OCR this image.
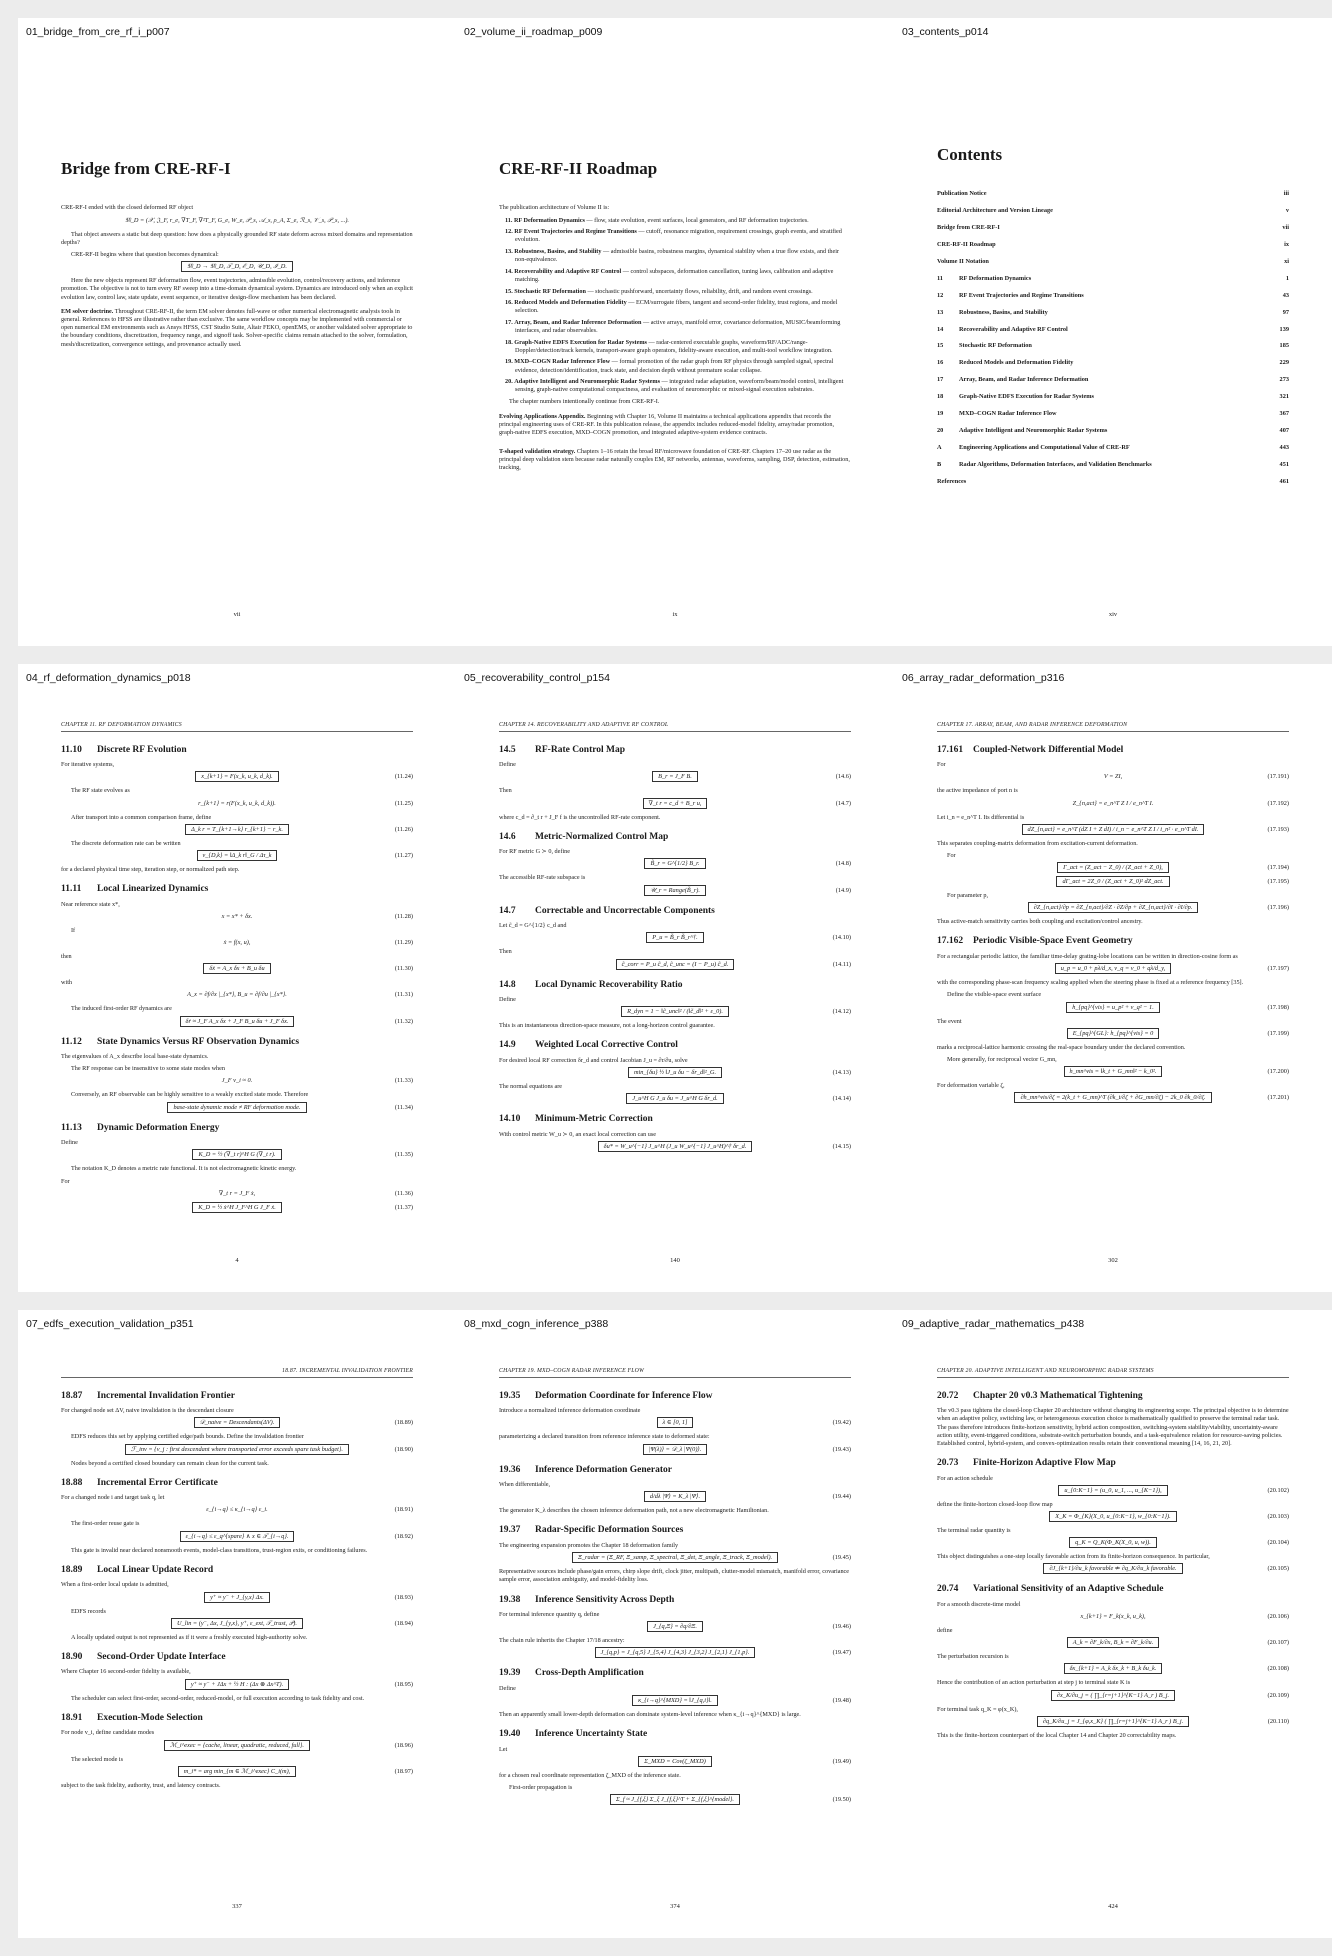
01_bridge_from_cre_rf_i_p007
Bridge from CRE-RF-I

CRE-RF-I ended with the closed deformed RF object

𝔐_D = (𝒳, 𝔍_F, r_e, ∇T_F, ∇²T_F, G_e, W_e, 𝒫_s, 𝒜_s, ρ_A, Σ_e, ℛ_s, 𝒱_s, 𝒫_s, ...).

That object answers a static but deep question: how does a physically grounded RF state deform across mixed domains and representation depths?

CRE-RF-II begins where that question becomes dynamical:

𝔐_D → 𝔐_D, 𝒯_D, ℰ_D, 𝒰_D, ℐ_D.

Here the new objects represent RF deformation flow, event trajectories, admissible evolution, control/recovery actions, and inference promotion. The objective is not to turn every RF sweep into a time-domain dynamical system. Dynamics are introduced only when an explicit evolution law, control law, state update, event sequence, or iterative design-flow mechanism has been declared.

EM solver doctrine. Throughout CRE-RF-II, the term EM solver denotes full-wave or other numerical electromagnetic analysis tools in general. References to HFSS are illustrative rather than exclusive. The same workflow concepts may be implemented with commercial or open numerical EM environments such as Ansys HFSS, CST Studio Suite, Altair FEKO, openEMS, or another validated solver appropriate to the boundary conditions, discretization, frequency range, and signoff task. Solver-specific claims remain attached to the solver, formulation, mesh/discretization, convergence settings, and provenance actually used.

vii
02_volume_ii_roadmap_p009
CRE-RF-II Roadmap

The publication architecture of Volume II is:

11. RF Deformation Dynamics — flow, state evolution, event surfaces, local generators, and RF deformation trajectories.
12. RF Event Trajectories and Regime Transitions — cutoff, resonance migration, requirement crossings, graph events, and stratified evolution.
13. Robustness, Basins, and Stability — admissible basins, robustness margins, dynamical stability when a true flow exists, and their non-equivalence.
14. Recoverability and Adaptive RF Control — control subspaces, deformation cancellation, tuning laws, calibration and adaptive matching.
15. Stochastic RF Deformation — stochastic pushforward, uncertainty flows, reliability, drift, and random event crossings.
16. Reduced Models and Deformation Fidelity — ECM/surrogate fibers, tangent and second-order fidelity, trust regions, and model selection.
17. Array, Beam, and Radar Inference Deformation — active arrays, manifold error, covariance deformation, MUSIC/beamforming interfaces, and radar observables.
18. Graph-Native EDFS Execution for Radar Systems — radar-centered executable graphs, waveform/RF/ADC/range-Doppler/detection/track kernels, transport-aware graph operators, fidelity-aware execution, and multi-tool workflow integration.
19. MXD–COGN Radar Inference Flow — formal promotion of the radar graph from RF physics through sampled signal, spectral evidence, detection/identification, track state, and decision depth without premature scalar collapse.
20. Adaptive Intelligent and Neuromorphic Radar Systems — integrated radar adaptation, waveform/beam/model control, intelligent sensing, graph-native computational compactness, and evaluation of neuromorphic or mixed-signal execution substrates.

The chapter numbers intentionally continue from CRE-RF-I.

Evolving Applications Appendix. Beginning with Chapter 16, Volume II maintains a technical applications appendix that records the principal engineering uses of CRE-RF. In this publication release, the appendix includes reduced-model fidelity, array/radar promotion, graph-native EDFS execution, MXD–COGN promotion, and integrated adaptive-system evidence contracts.

T-shaped validation strategy. Chapters 1–16 retain the broad RF/microwave foundation of CRE-RF. Chapters 17–20 use radar as the principal deep validation stem because radar naturally couples EM, RF networks, antennas, waveforms, sampling, DSP, detection, estimation, tracking,

ix
03_contents_p014
Contents
Publication Notice	iii
Editorial Architecture and Version Lineage	v
Bridge from CRE-RF-I	vii
CRE-RF-II Roadmap	ix
Volume II Notation	xi
11	RF Deformation Dynamics	1
12	RF Event Trajectories and Regime Transitions	43
13	Robustness, Basins, and Stability	97
14	Recoverability and Adaptive RF Control	139
15	Stochastic RF Deformation	185
16	Reduced Models and Deformation Fidelity	229
17	Array, Beam, and Radar Inference Deformation	273
18	Graph-Native EDFS Execution for Radar Systems	321
19	MXD–COGN Radar Inference Flow	367
20	Adaptive Intelligent and Neuromorphic Radar Systems	407
A	Engineering Applications and Computational Value of CRE-RF	443
B	Radar Algorithms, Deformation Interfaces, and Validation Benchmarks	451
References	461
xiv
04_rf_deformation_dynamics_p018
CHAPTER 11. RF DEFORMATION DYNAMICS
11.10 Discrete RF Evolution

For iterative systems,

x_{k+1} = F(x_k, u_k, d_k).	(11.24)

The RF state evolves as

r_{k+1} = r(F(x_k, u_k, d_k)).	(11.25)

After transport into a common comparison frame, define

Δ_k r = T_{k+1→k} r_{k+1} − r_k.	(11.26)

The discrete deformation rate can be written

v_{D,k} = ‖Δ_k r‖_G / Δτ_k	(11.27)

for a declared physical time step, iteration step, or normalized path step.

11.11 Local Linearized Dynamics

Near reference state x*,

x = x* + δx.	(11.28)

If

ẋ = f(x, u),	(11.29)

then

δẋ = A_x δx + B_u δu	(11.30)

with

A_x = ∂f/∂x |_{x*}, B_u = ∂f/∂u |_{x*}.	(11.31)

The induced first-order RF dynamics are

δṙ ≈ J_F A_x δx + J_F B_u δu + J_F δx.	(11.32)
11.12 State Dynamics Versus RF Observation Dynamics

The eigenvalues of A_x describe local base-state dynamics.

The RF response can be insensitive to some state modes when

J_F v_i ≈ 0.	(11.33)

Conversely, an RF observable can be highly sensitive to a weakly excited state mode. Therefore

base-state dynamic mode ≠ RF deformation mode.	(11.34)
11.13 Dynamic Deformation Energy

Define

K_D = ½ (∇_t r)^H G (∇_t r).	(11.35)

The notation K_D denotes a metric rate functional. It is not electromagnetic kinetic energy.

For

∇_t r = J_F ẋ,	(11.36)
K_D = ½ ẋ^H J_F^H G J_F ẋ.	(11.37)
4
05_recoverability_control_p154
CHAPTER 14. RECOVERABILITY AND ADAPTIVE RF CONTROL
14.5 RF-Rate Control Map

Define

B_r = J_F B.	(14.6)

Then

∇_t r = c_d + B_r u,	(14.7)

where c_d = ∂_t r + J_F f is the uncontrolled RF-rate component.

14.6 Metric-Normalized Control Map

For RF metric G ≻ 0, define

B̃_r = G^{1/2} B_r.	(14.8)

The accessible RF-rate subspace is

𝒰_r = Range(B̃_r).	(14.9)
14.7 Correctable and Uncorrectable Components

Let c̃_d = G^{1/2} c_d and

P_u = B̃_r B̃_r^†.	(14.10)

Then

c̃_corr = P_u c̃_d, c̃_unc = (I − P_u) c̃_d.	(14.11)
14.8 Local Dynamic Recoverability Ratio

Define

R_dyn = 1 − ‖c̃_unc‖² / (‖c̃_d‖² + ε_0).	(14.12)

This is an instantaneous direction-space measure, not a long-horizon control guarantee.

14.9 Weighted Local Corrective Control

For desired local RF correction δr_d and control Jacobian J_u = ∂r/∂u, solve

min_{δu} ½ ‖J_u δu − δr_d‖²_G.	(14.13)

The normal equations are

J_u^H G J_u δu = J_u^H G δr_d.	(14.14)
14.10 Minimum-Metric Correction

With control metric W_u ≻ 0, an exact local correction can use

δu* = W_u^{−1} J_u^H (J_u W_u^{−1} J_u^H)^† δr_d.	(14.15)
140
06_array_radar_deformation_p316
CHAPTER 17. ARRAY, BEAM, AND RADAR INFERENCE DEFORMATION
17.161 Coupled-Network Differential Model

For

V = ZI,	(17.191)

the active impedance of port n is

Z_{n,act} = e_n^T Z I / e_n^T I.	(17.192)

Let i_n = e_n^T I. Its differential is

dZ_{n,act} = e_n^T (dZ I + Z dI) / i_n − e_n^T Z I / i_n² · e_n^T dI.	(17.193)

This separates coupling-matrix deformation from excitation-current deformation.

For

Γ_act = (Z_act − Z_0) / (Z_act + Z_0),	(17.194)
dΓ_act = 2Z_0 / (Z_act + Z_0)² dZ_act.	(17.195)

For parameter p,

∂Z_{n,act}/∂p = ∂Z_{n,act}/∂Z · ∂Z/∂p + ∂Z_{n,act}/∂I · ∂I/∂p.	(17.196)

Thus active-match sensitivity carries both coupling and excitation/control ancestry.

17.162 Periodic Visible-Space Event Geometry

For a rectangular periodic lattice, the familiar time-delay grating-lobe locations can be written in direction-cosine form as

u_p = u_0 + pλ/d_x, v_q = v_0 + qλ/d_y,	(17.197)

with the corresponding phase-scan frequency scaling applied when the steering phase is fixed at a reference frequency [35].

Define the visible-space event surface

h_{pq}^{vis} = u_p² + v_q² − 1.	(17.198)

The event

E_{pq}^{GL}: h_{pq}^{vis} = 0	(17.199)

marks a reciprocal-lattice harmonic crossing the real-space boundary under the declared convention.

More generally, for reciprocal vector G_mn,

h_mn^vis = ‖k_t + G_mn‖² − k_0².	(17.200)

For deformation variable ζ,

∂h_mn^vis/∂ζ = 2(k_t + G_mn)^T (∂k_t/∂ζ + ∂G_mn/∂ζ) − 2k_0 ∂k_0/∂ζ.	(17.201)
302
07_edfs_execution_validation_p351
18.87. INCREMENTAL INVALIDATION FRONTIER
18.87 Incremental Invalidation Frontier

For changed node set ΔV, naive invalidation is the descendant closure

𝒟_naive = Descendants(ΔV).	(18.89)

EDFS reduces this set by applying certified edge/path bounds. Define the invalidation frontier

ℱ_inv = {v_j : first descendant where transported error exceeds spare task budget}.	(18.90)

Nodes beyond a certified closed boundary can remain clean for the current task.

18.88 Incremental Error Certificate

For a changed node i and target task q, let

ε_{i→q} ≤ κ_{i→q} ε_i.	(18.91)

The first-order reuse gate is

ε_{i→q} ≤ ε_q^{spare} ∧ x ∈ 𝒯_{i→q}.	(18.92)

This gate is invalid near declared nonsmooth events, model-class transitions, trust-region exits, or conditioning failures.

18.89 Local Linear Update Record

When a first-order local update is admitted,

y⁺ ≈ y⁻ + J_{y,x} Δx.	(18.93)

EDFS records

U_lin = (y⁻, Δx, J_{y,x}, y⁺, ε_ext, 𝒯_trust, 𝒫).	(18.94)

A locally updated output is not represented as if it were a freshly executed high-authority solve.

18.90 Second-Order Update Interface

Where Chapter 16 second-order fidelity is available,

y⁺ ≈ y⁻ + JΔx + ½ H : (Δx ⊗ Δx^T).	(18.95)

The scheduler can select first-order, second-order, reduced-model, or full execution according to task fidelity and cost.

18.91 Execution-Mode Selection

For node v_i, define candidate modes

ℳ_i^exec = {cache, linear, quadratic, reduced, full}.	(18.96)

The selected mode is

m_i* = arg min_{m ∈ ℳ_i^exec} C_i(m),	(18.97)

subject to the task fidelity, authority, trust, and latency contracts.

337
08_mxd_cogn_inference_p388
CHAPTER 19. MXD–COGN RADAR INFERENCE FLOW
19.35 Deformation Coordinate for Inference Flow

Introduce a normalized inference deformation coordinate

λ ∈ [0, 1]	(19.42)

parameterizing a declared transition from reference inference state to deformed state:

|Ψ(λ)⟩ = 𝒟_λ |Ψ(0)⟩.	(19.43)
19.36 Inference Deformation Generator

When differentiable,

d/dλ |Ψ⟩ = K_λ |Ψ⟩.	(19.44)

The generator K_λ describes the chosen inference deformation path, not a new electromagnetic Hamiltonian.

19.37 Radar-Specific Deformation Sources

The engineering expansion promotes the Chapter 18 deformation family

Ξ_radar = (Ξ_RF, Ξ_samp, Ξ_spectral, Ξ_det, Ξ_angle, Ξ_track, Ξ_model).	(19.45)

Representative sources include phase/gain errors, chirp slope drift, clock jitter, multipath, clutter-model mismatch, manifold error, covariance sample error, association ambiguity, and model-fidelity loss.

19.38 Inference Sensitivity Across Depth

For terminal inference quantity q, define

J_{q,Ξ} = ∂q/∂Ξ.	(19.46)

The chain rule inherits the Chapter 17/18 ancestry:

J_{q,p} = J_{q,5} J_{5,4} J_{4,3} J_{3,2} J_{2,1} J_{1,p}.	(19.47)
19.39 Cross-Depth Amplification

Define

κ_{i→q}^{MXD} = ‖J_{q,i}‖.	(19.48)

Then an apparently small lower-depth deformation can dominate system-level inference when κ_{i→q}^{MXD} is large.

19.40 Inference Uncertainty State

Let

Σ_MXD = Cov(ζ_MXD)	(19.49)

for a chosen real coordinate representation ζ_MXD of the inference state.

First-order propagation is

Σ_f ≈ J_{f,ξ} Σ_ξ J_{f,ξ}^T + Σ_{f,ξ}^{model}.	(19.50)
374
09_adaptive_radar_mathematics_p438
CHAPTER 20. ADAPTIVE INTELLIGENT AND NEUROMORPHIC RADAR SYSTEMS
20.72 Chapter 20 v0.3 Mathematical Tightening

The v0.3 pass tightens the closed-loop Chapter 20 architecture without changing its engineering scope. The principal objective is to determine when an adaptive policy, switching law, or heterogeneous execution choice is mathematically qualified to preserve the terminal radar task. The pass therefore introduces finite-horizon sensitivity, hybrid action composition, switching-system stability/viability, uncertainty-aware action utility, event-triggered conditions, substrate-switch perturbation bounds, and a task-equivalence relation for resource-saving policies. Established control, hybrid-system, and convex-optimization results retain their conventional meaning [14, 16, 21, 20].

20.73 Finite-Horizon Adaptive Flow Map

For an action schedule

u_{0:K−1} = (u_0, u_1, ..., u_{K−1}),	(20.102)

define the finite-horizon closed-loop flow map

X_K = Φ_{K}(X_0, u_{0:K−1}, w_{0:K−1}).	(20.103)

The terminal radar quantity is

q_K = Q_K(Φ_K(X_0, u, w)).	(20.104)

This object distinguishes a one-step locally favorable action from its finite-horizon consequence. In particular,

∂J_{k+1}/∂u_k favorable ⇏ ∂q_K/∂u_k favorable.	(20.105)
20.74 Variational Sensitivity of an Adaptive Schedule

For a smooth discrete-time model

x_{k+1} = F_k(x_k, u_k),	(20.106)

define

A_k = ∂F_k/∂x, B_k = ∂F_k/∂u.	(20.107)

The perturbation recursion is

δx_{k+1} = A_k δx_k + B_k δu_k.	(20.108)

Hence the contribution of an action perturbation at step j to terminal state K is

∂x_K/∂u_j = ( ∏_{r=j+1}^{K−1} A_r ) B_j.	(20.109)

For terminal task q_K = φ(x_K),

∂q_K/∂u_j = J_{φ,x_K} ( ∏_{r=j+1}^{K−1} A_r ) B_j.	(20.110)

This is the finite-horizon counterpart of the local Chapter 14 and Chapter 20 correctability maps.

424
